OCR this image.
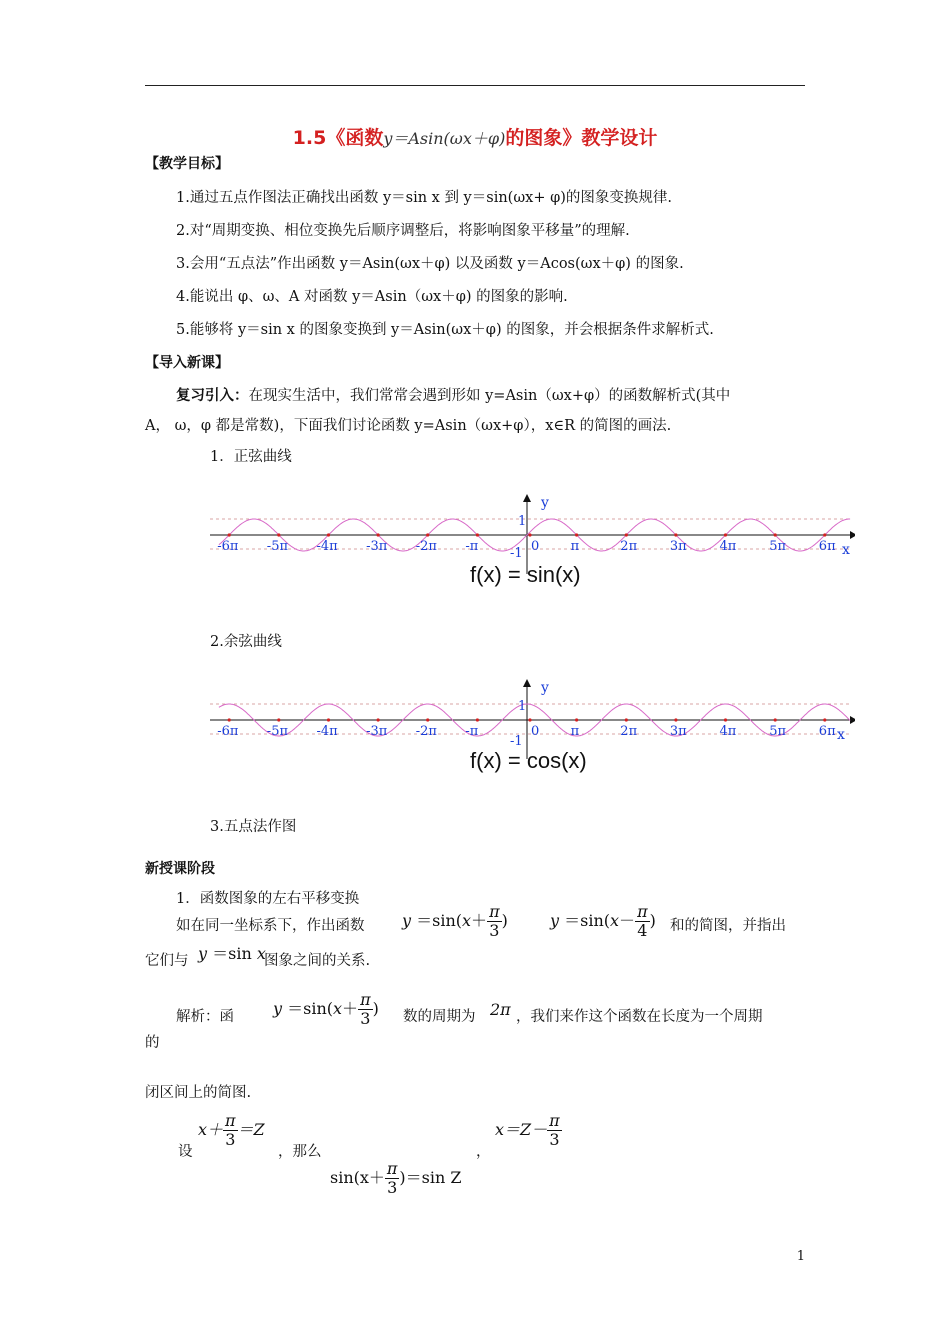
1.5《函数y＝Asin(ωx＋φ)的图象》教学设计
【教学目标】
1.通过五点作图法正确找出函数 y＝sin x 到 y＝sin(ωx+ φ)的图象变换规律.
2.对“周期变换、相位变换先后顺序调整后，将影响图象平移量”的理解.
3.会用“五点法”作出函数 y＝Asin(ωx＋φ) 以及函数 y＝Acos(ωx＋φ) 的图象.
4.能说出 φ、ω、A 对函数 y＝Asin（ωx＋φ) 的图象的影响.
5.能够将 y＝sin x 的图象变换到 y＝Asin(ωx＋φ) 的图象，并会根据条件求解析式.
【导入新课】
复习引入：在现实生活中，我们常常会遇到形如 y=Asin（ωx+φ）的函数解析式(其中
A， ω，φ 都是常数)，下面我们讨论函数 y=Asin（ωx+φ），x∈R 的简图的画法.
1．正弦曲线
-6π -5π -4π -3π -2π -π	0 π	2π	3π	4π	5π	6π
y
1
-1	x
f(x) = sin(x)
2.余弦曲线
-6π -5π -4π -3π -2π -π	0 π	2π	3π	4π	5π	6π
y
1
-1	x
f(x) = cos(x)
3.五点法作图
新授课阶段
1．函数图象的左右平移变换
如在同一坐标系下，作出函数 $y =\sin(x+ \frac{\pi}{3}$ )	$y =\sin(x- \frac{\pi}{4}$ ) 和的简图，并指出
它们与 y ＝sin x
图象之间的关系.
解析：函 $y =\sin(x+ \frac{\pi}{3}$ ) 数的周期为 2π ，我们来作这个函数在长度为一个周期
的
闭区间上的简图.
设
$x+ \frac{\pi}{3} =Z$
，那么	，
$x=Z- \frac{\pi}{3}$
$\sin(x+ \frac{\pi}{3} )=\sin$ Z
1
